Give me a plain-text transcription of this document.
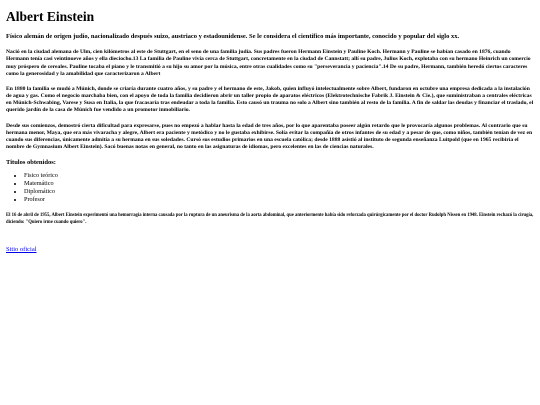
Albert Einstein

Físico alemán de origen judío, nacionalizado después suizo, austriaco y estadounidense. Se le considera el científico más importante, conocido y popular del siglo xx.

Nació en la ciudad alemana de Ulm, cien kilómetros al este de Stuttgart, en el seno de una familia judía. Sus padres fueron Hermann Einstein y Pauline Koch. Hermann y Pauline se habían casado en 1876, cuando Hermann tenía casi veintinueve años y ella dieciocho.13 La familia de Pauline vivía cerca de Stuttgart, concretamente en la ciudad de Cannstatt; allí su padre, Julius Koch, explotaba con su hermano Heinrich un comercio muy próspero de cereales. Pauline tocaba el piano y le transmitió a su hijo su amor por la música, entre otras cualidades como su "perseverancia y paciencia".14 De su padre, Hermann, también heredó ciertos caracteres como la generosidad y la amabilidad que caracterizaron a Albert

En 1880 la familia se mudó a Múnich, donde se criaría durante cuatro años, y su padre y el hermano de este, Jakob, quien influyó intelectualmente sobre Albert, fundaron en octubre una empresa dedicada a la instalación de agua y gas. Como el negocio marchaba bien, con el apoyo de toda la familia decidieron abrir un taller propio de aparatos eléctricos (Elektrotechnische Fabrik J. Einstein & Cie.), que suministraban a centrales eléctricas en Múnich-Schwabing, Varese y Susa en Italia, la que fracasaría tras endeudar a toda la familia. Esto causó un trauma no solo a Albert sino también al resto de la familia. A fin de saldar las deudas y financiar el traslado, el querido jardín de la casa de Múnich fue vendido a un promotor inmobiliario.

Desde sus comienzos, demostró cierta dificultad para expresarse, pues no empezó a hablar hasta la edad de tres años, por lo que aparentaba poseer algún retardo que le provocaría algunos problemas. Al contrario que su hermana menor, Maya, que era más vivaracha y alegre, Albert era paciente y metódico y no le gustaba exhibirse. Solía evitar la compañía de otros infantes de su edad y a pesar de que, como niños, también tenían de vez en cuando sus diferencias, únicamente admitía a su hermana en sus soledades. Cursó sus estudios primarios en una escuela católica; desde 1888 asistió al instituto de segunda enseñanza Luitpold (que en 1965 recibiría el nombre de Gymnasium Albert Einstein). Sacó buenas notas en general, no tanto en las asignaturas de idiomas, pero excelentes en las de ciencias naturales.

Titulos obtenidos:

• Fisico teórico
• Matemático
• Diplomático
• Profesor

El 16 de abril de 1955, Albert Einstein experimentó una hemorragia interna causada por la ruptura de un aneurisma de la aorta abdominal, que anteriormente había sido reforzada quirúrgicamente por el doctor Rudolph Nissen en 1948. Einstein rechazó la cirugía, diciendo: "Quiero irme cuando quiero".

Sitio oficial
